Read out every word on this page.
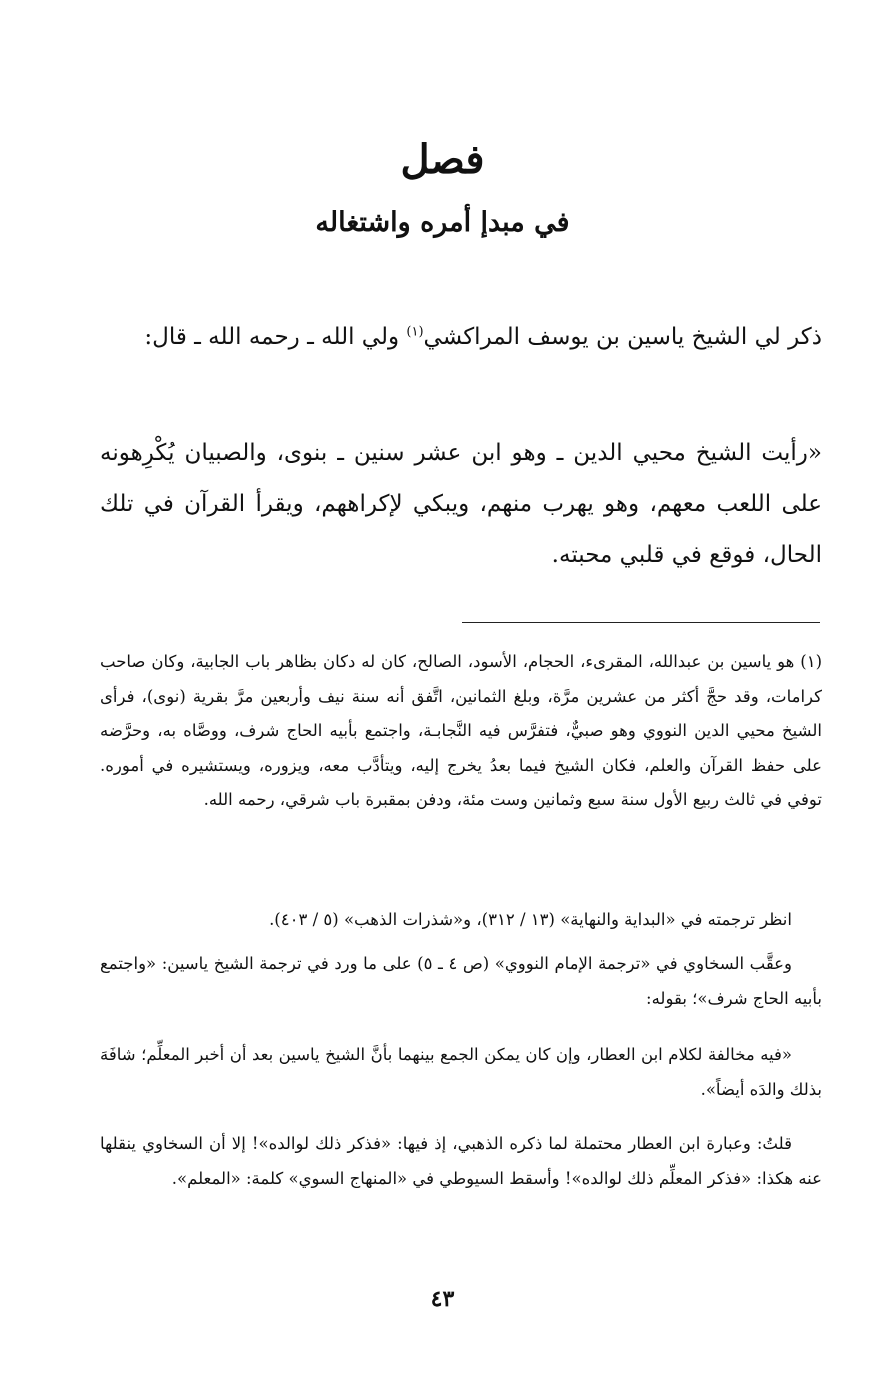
فصل
في مبدإ أمره واشتغاله
ذكر لي الشيخ ياسين بن يوسف المراكشي$^{(١)}$ ولي الله ـ رحمه الله ـ قال:
«رأيت الشيخ محيي الدين ـ وهو ابن عشر سنين ـ بنوى، والصبيان يُكْرِهونه على اللعب معهم، وهو يهرب منهم، ويبكي لإكراههم، ويقرأ القرآن في تلك الحال، فوقع في قلبي محبته.
(١) هو ياسين بن عبدالله، المقرىء، الحجام، الأسود، الصالح، كان له دكان بظاهر باب الجابية، وكان صاحب كرامات، وقد حجَّ أكثر من عشرين مرَّة، وبلغ الثمانين، اتَّفق أنه سنة نيف وأربعين مرَّ بقرية (نوى)، فرأى الشيخ محيي الدين النووي وهو صبيٌّ، فتفرَّس فيه النَّجابـة، واجتمع بأبيه الحاج شرف، ووصَّاه به، وحرَّضه على حفظ القرآن والعلم، فكان الشيخ فيما بعدُ يخرج إليه، ويتأدَّب معه، ويزوره، ويستشيره في أموره. توفي في ثالث ربيع الأول سنة سبع وثمانين وست مئة، ودفن بمقبرة باب شرقي، رحمه الله.
انظر ترجمته في «البداية والنهاية» (١٣ / ٣١٢)، و«شذرات الذهب» (٥ / ٤٠٣).
وعقَّب السخاوي في «ترجمة الإمام النووي» (ص ٤ ـ ٥) على ما ورد في ترجمة الشيخ ياسين: «واجتمع بأبيه الحاج شرف»؛ بقوله:
«فيه مخالفة لكلام ابن العطار، وإن كان يمكن الجمع بينهما بأنَّ الشيخ ياسين بعد أن أخبر المعلِّم؛ شافَهَ بذلك والدَه أيضاً».
قلتُ: وعبارة ابن العطار محتملة لما ذكره الذهبي، إذ فيها: «فذكر ذلك لوالده»! إلا أن السخاوي ينقلها عنه هكذا: «فذكر المعلِّم ذلك لوالده»! وأسقط السيوطي في «المنهاج السوي» كلمة: «المعلم».
٤٣
